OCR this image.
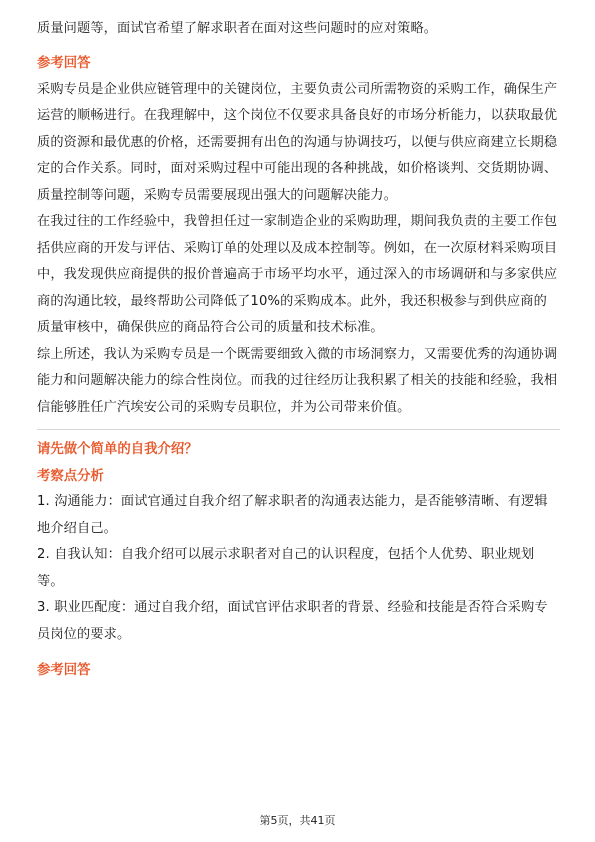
质量问题等，面试官希望了解求职者在面对这些问题时的应对策略。

参考回答

采购专员是企业供应链管理中的关键岗位，主要负责公司所需物资的采购工作，确保生产运营的顺畅进行。在我理解中，这个岗位不仅要求具备良好的市场分析能力，以获取最优质的资源和最优惠的价格，还需要拥有出色的沟通与协调技巧，以便与供应商建立长期稳定的合作关系。同时，面对采购过程中可能出现的各种挑战，如价格谈判、交货期协调、质量控制等问题，采购专员需要展现出强大的问题解决能力。

在我过往的工作经验中，我曾担任过一家制造企业的采购助理，期间我负责的主要工作包括供应商的开发与评估、采购订单的处理以及成本控制等。例如，在一次原材料采购项目中，我发现供应商提供的报价普遍高于市场平均水平，通过深入的市场调研和与多家供应商的沟通比较，最终帮助公司降低了10%的采购成本。此外，我还积极参与到供应商的质量审核中，确保供应的商品符合公司的质量和技术标准。

综上所述，我认为采购专员是一个既需要细致入微的市场洞察力，又需要优秀的沟通协调能力和问题解决能力的综合性岗位。而我的过往经历让我积累了相关的技能和经验，我相信能够胜任广汽埃安公司的采购专员职位，并为公司带来价值。

请先做个简单的自我介绍？
考察点分析

1. 沟通能力：面试官通过自我介绍了解求职者的沟通表达能力，是否能够清晰、有逻辑地介绍自己。

2. 自我认知：自我介绍可以展示求职者对自己的认识程度，包括个人优势、职业规划等。

3. 职业匹配度：通过自我介绍，面试官评估求职者的背景、经验和技能是否符合采购专员岗位的要求。

参考回答
第5页，共41页
